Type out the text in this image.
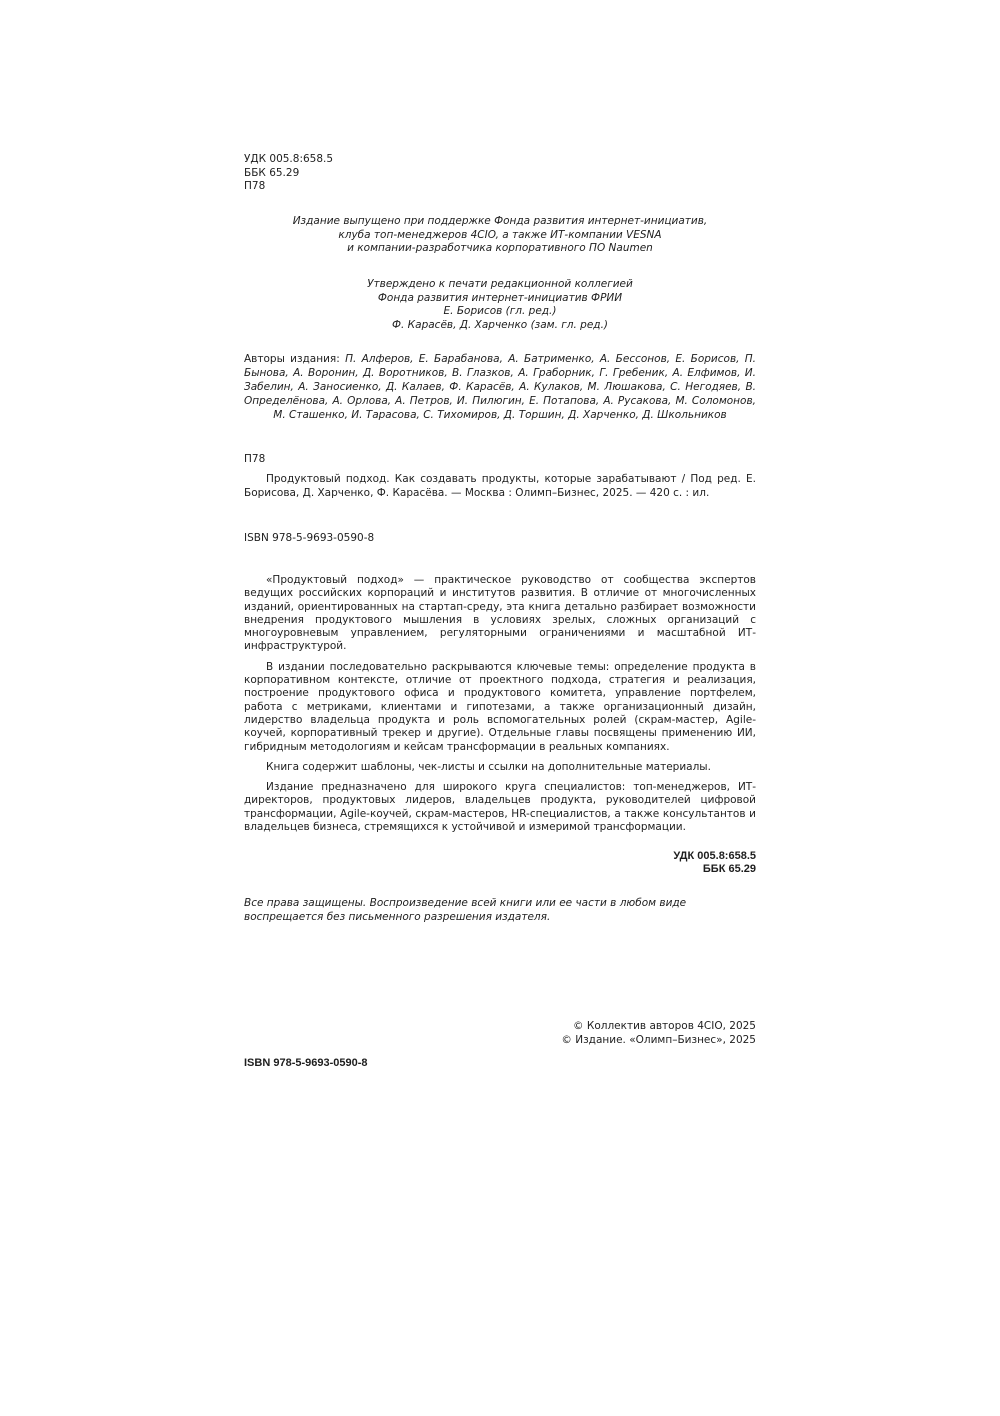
УДК 005.8:658.5
ББК 65.29
П78
Издание выпущено при поддержке Фонда развития интернет-инициатив,
клуба топ-менеджеров 4CIO, а также ИТ-компании VESNA
и компании-разработчика корпоративного ПО Naumen
Утверждено к печати редакционной коллегией
Фонда развития интернет-инициатив ФРИИ
Е. Борисов (гл. ред.)
Ф. Карасёв, Д. Харченко (зам. гл. ред.)
Авторы издания: П. Алферов, Е. Барабанова, А. Батрименко, А. Бессонов, Е. Борисов, П. Бынова, А. Воронин, Д. Воротников, В. Глазков, А. Граборник, Г. Гребеник, А. Елфимов, И. Забелин, А. Заносиенко, Д. Калаев, Ф. Карасёв, А. Кулаков, М. Люшакова, С. Негодяев, В. Определёнова, А. Орлова, А. Петров, И. Пилюгин, Е. Потапова, А. Русакова, М. Соломонов, М. Сташенко, И. Тарасова, С. Тихомиров, Д. Торшин, Д. Харченко, Д. Школьников
П78
Продуктовый подход. Как создавать продукты, которые зарабатывают / Под ред. Е. Борисова, Д. Харченко, Ф. Карасёва. — Москва : Олимп–Бизнес, 2025. — 420 с. : ил.
ISBN 978-5-9693-0590-8

«Продуктовый подход» — практическое руководство от сообщества экспертов ведущих российских корпораций и институтов развития. В отличие от многочисленных изданий, ориентированных на стартап-среду, эта книга детально разбирает возможности внедрения продуктового мышления в условиях зрелых, сложных организаций с многоуровневым управлением, регуляторными ограничениями и масштабной ИТ-инфраструктурой.

В издании последовательно раскрываются ключевые темы: определение продукта в корпоративном контексте, отличие от проектного подхода, стратегия и реализация, построение продуктового офиса и продуктового комитета, управление портфелем, работа с метриками, клиентами и гипотезами, а также организационный дизайн, лидерство владельца продукта и роль вспомогательных ролей (скрам-мастер, Agile-коучей, корпоративный трекер и другие). Отдельные главы посвящены применению ИИ, гибридным методологиям и кейсам трансформации в реальных компаниях.

Книга содержит шаблоны, чек-листы и ссылки на дополнительные материалы.

Издание предназначено для широкого круга специалистов: топ-менеджеров, ИТ-директоров, продуктовых лидеров, владельцев продукта, руководителей цифровой трансформации, Agile-коучей, скрам-мастеров, HR-специалистов, а также консультантов и владельцев бизнеса, стремящихся к устойчивой и измеримой трансформации.

УДК 005.8:658.5
ББК 65.29
Все права защищены. Воспроизведение всей книги или ее части в любом виде
воспрещается без письменного разрешения издателя.
© Коллектив авторов 4CIO, 2025
© Издание. «Олимп–Бизнес», 2025
ISBN 978-5-9693-0590-8
